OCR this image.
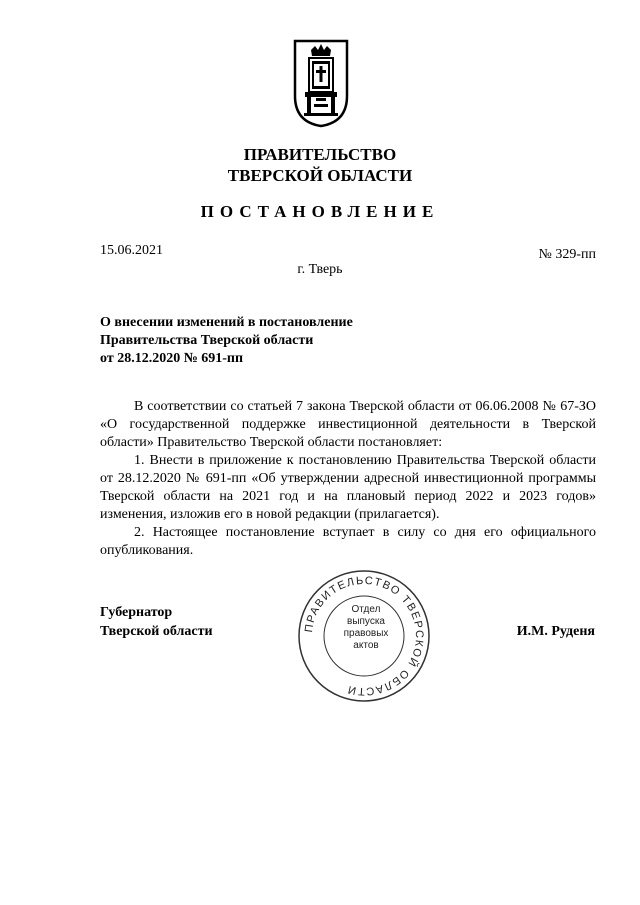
ПРАВИТЕЛЬСТВО
ТВЕРСКОЙ ОБЛАСТИ
ПОСТАНОВЛЕНИЕ
15.06.2021	№ 329-пп
г. Тверь
О внесении изменений в постановление
Правительства Тверской области
от 28.12.2020 № 691-пп

В соответствии со статьей 7 закона Тверской области от 06.06.2008 № 67-ЗО «О государственной поддержке инвестиционной деятельности в Тверской области» Правительство Тверской области постановляет:

1. Внести в приложение к постановлению Правительства Тверской области от 28.12.2020 № 691-пп «Об утверждении адресной инвестиционной программы Тверской области на 2021 год и на плановый период 2022 и 2023 годов» изменения, изложив его в новой редакции (прилагается).

2. Настоящее постановление вступает в силу со дня его официального опубликования.

Губернатор
Тверской области	И.М. Руденя
ПРАВИТЕЛЬСТВО ТВЕРСКОЙ ОБЛАСТИ
Отдел
выпуска
правовых
актов
